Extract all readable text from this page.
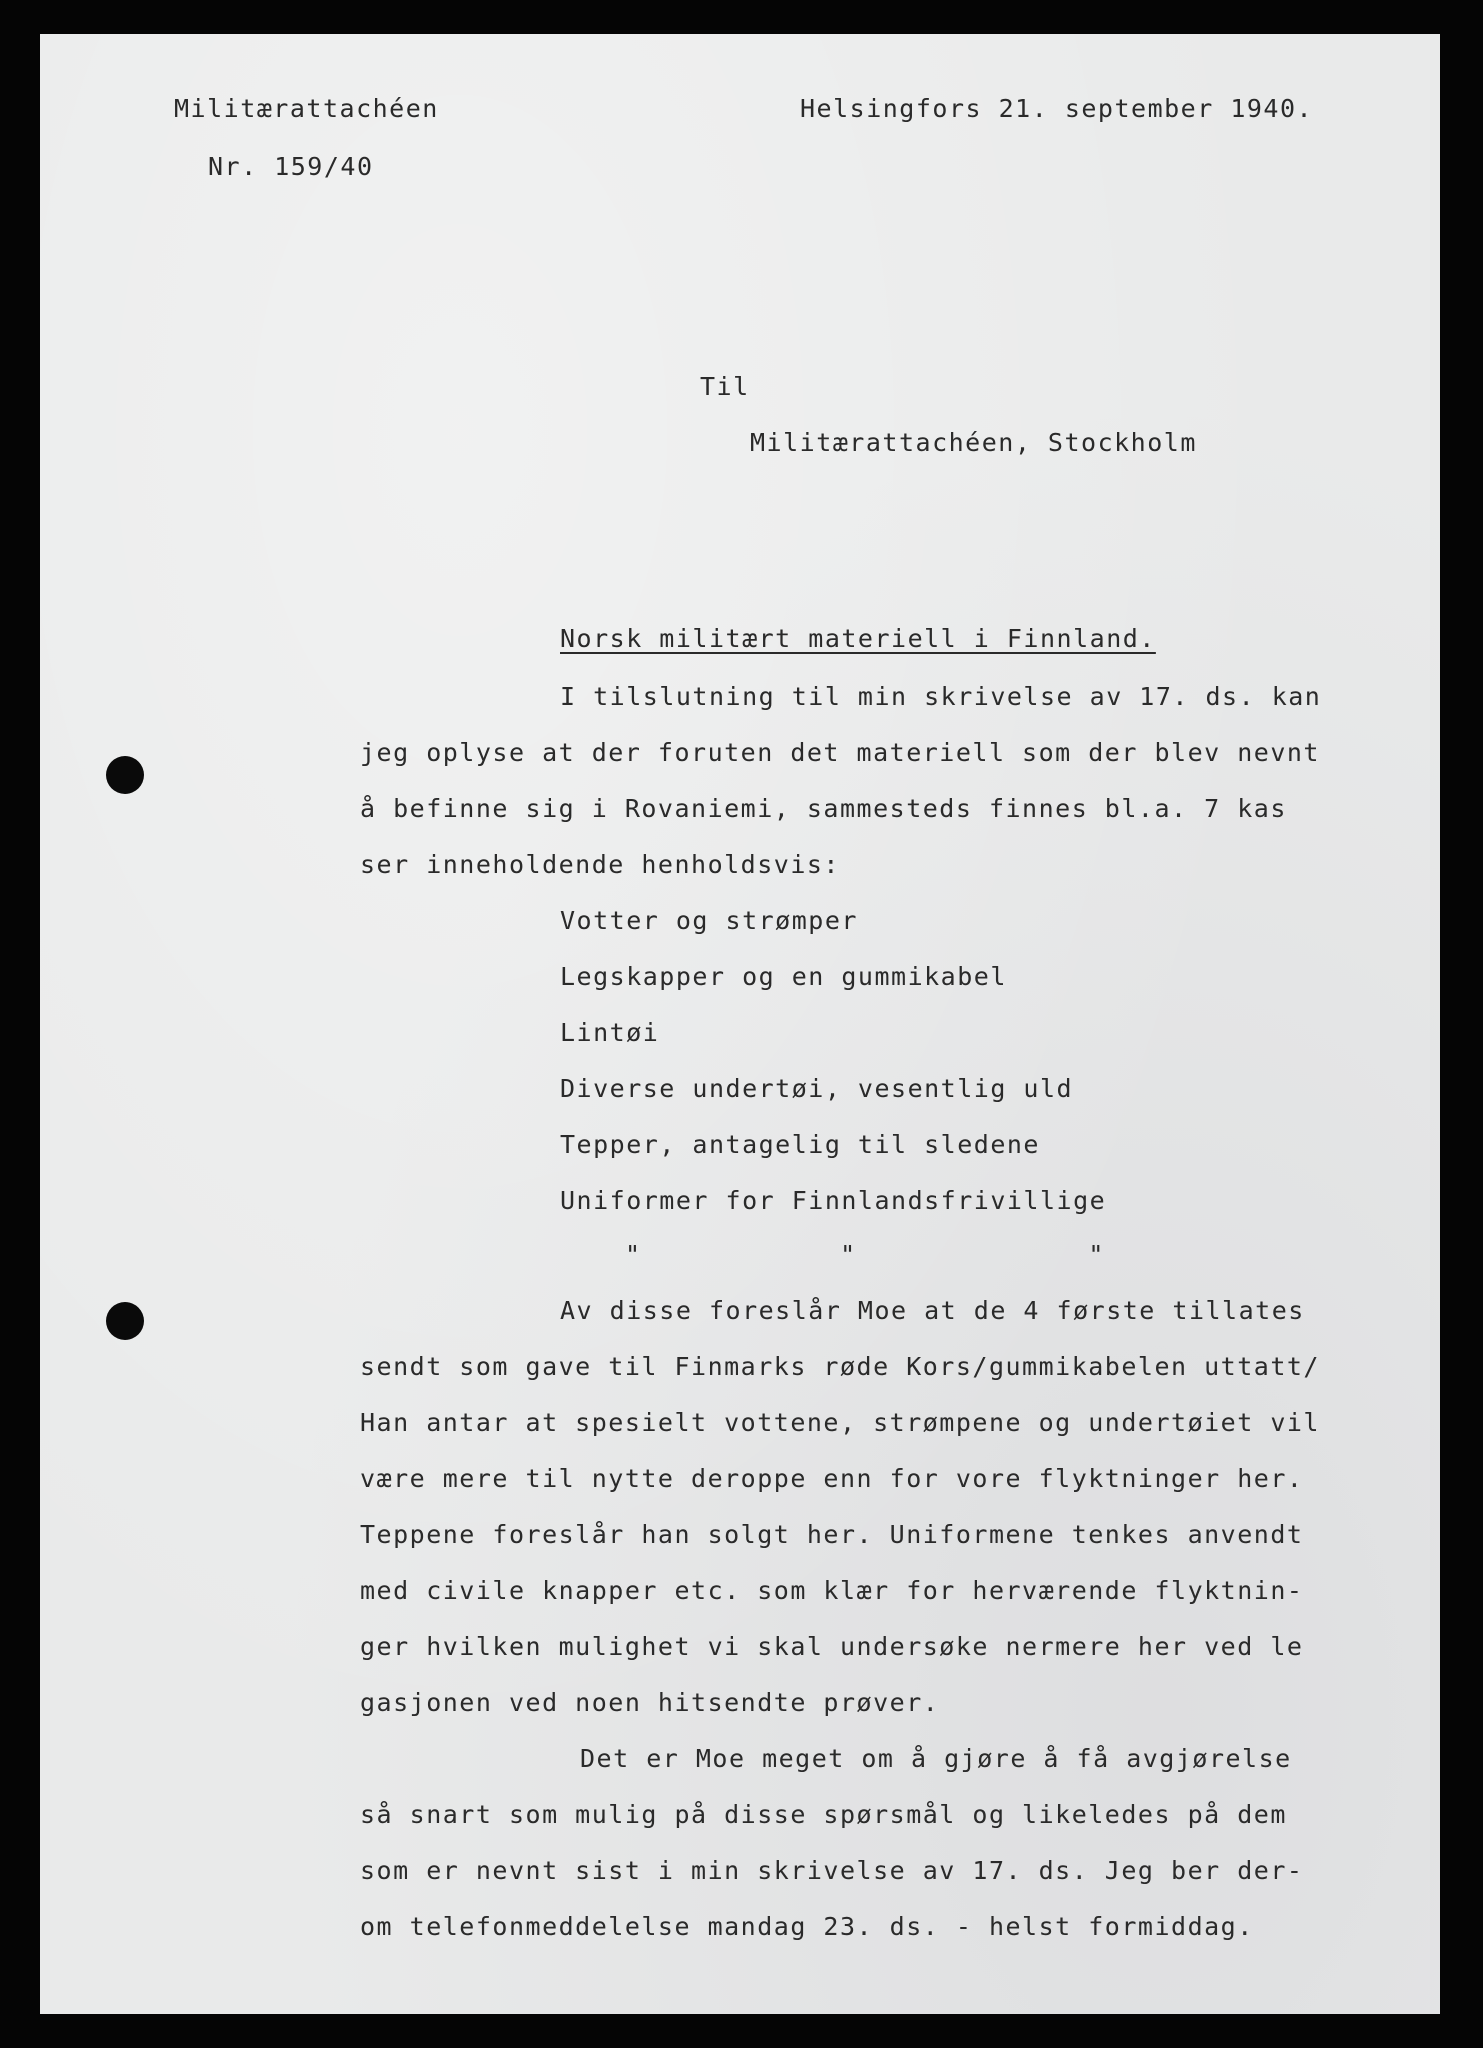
Militærattachéen
Nr. 159/40
Helsingfors 21. september 1940.
Til
Militærattachéen, Stockholm
Norsk militært materiell i Finnland.
I tilslutning til min skrivelse av 17. ds. kan
jeg oplyse at der foruten det materiell som der blev nevnt
å befinne sig i Rovaniemi, sammesteds finnes bl.a. 7 kas
ser inneholdende henholdsvis:
Votter og strømper
Legskapper og en gummikabel
Lintøi
Diverse undertøi, vesentlig uld
Tepper, antagelig til sledene
Uniformer for Finnlandsfrivillige
"            "              "
Av disse foreslår Moe at de 4 første tillates
sendt som gave til Finmarks røde Kors/gummikabelen uttatt/
Han antar at spesielt vottene, strømpene og undertøiet vil
være mere til nytte deroppe enn for vore flyktninger her.
Teppene foreslår han solgt her. Uniformene tenkes anvendt
med civile knapper etc. som klær for herværende flyktnin-
ger hvilken mulighet vi skal undersøke nermere her ved le
gasjonen ved noen hitsendte prøver.
Det er Moe meget om å gjøre å få avgjørelse
så snart som mulig på disse spørsmål og likeledes på dem
som er nevnt sist i min skrivelse av 17. ds. Jeg ber der-
om telefonmeddelelse mandag 23. ds. - helst formiddag.
